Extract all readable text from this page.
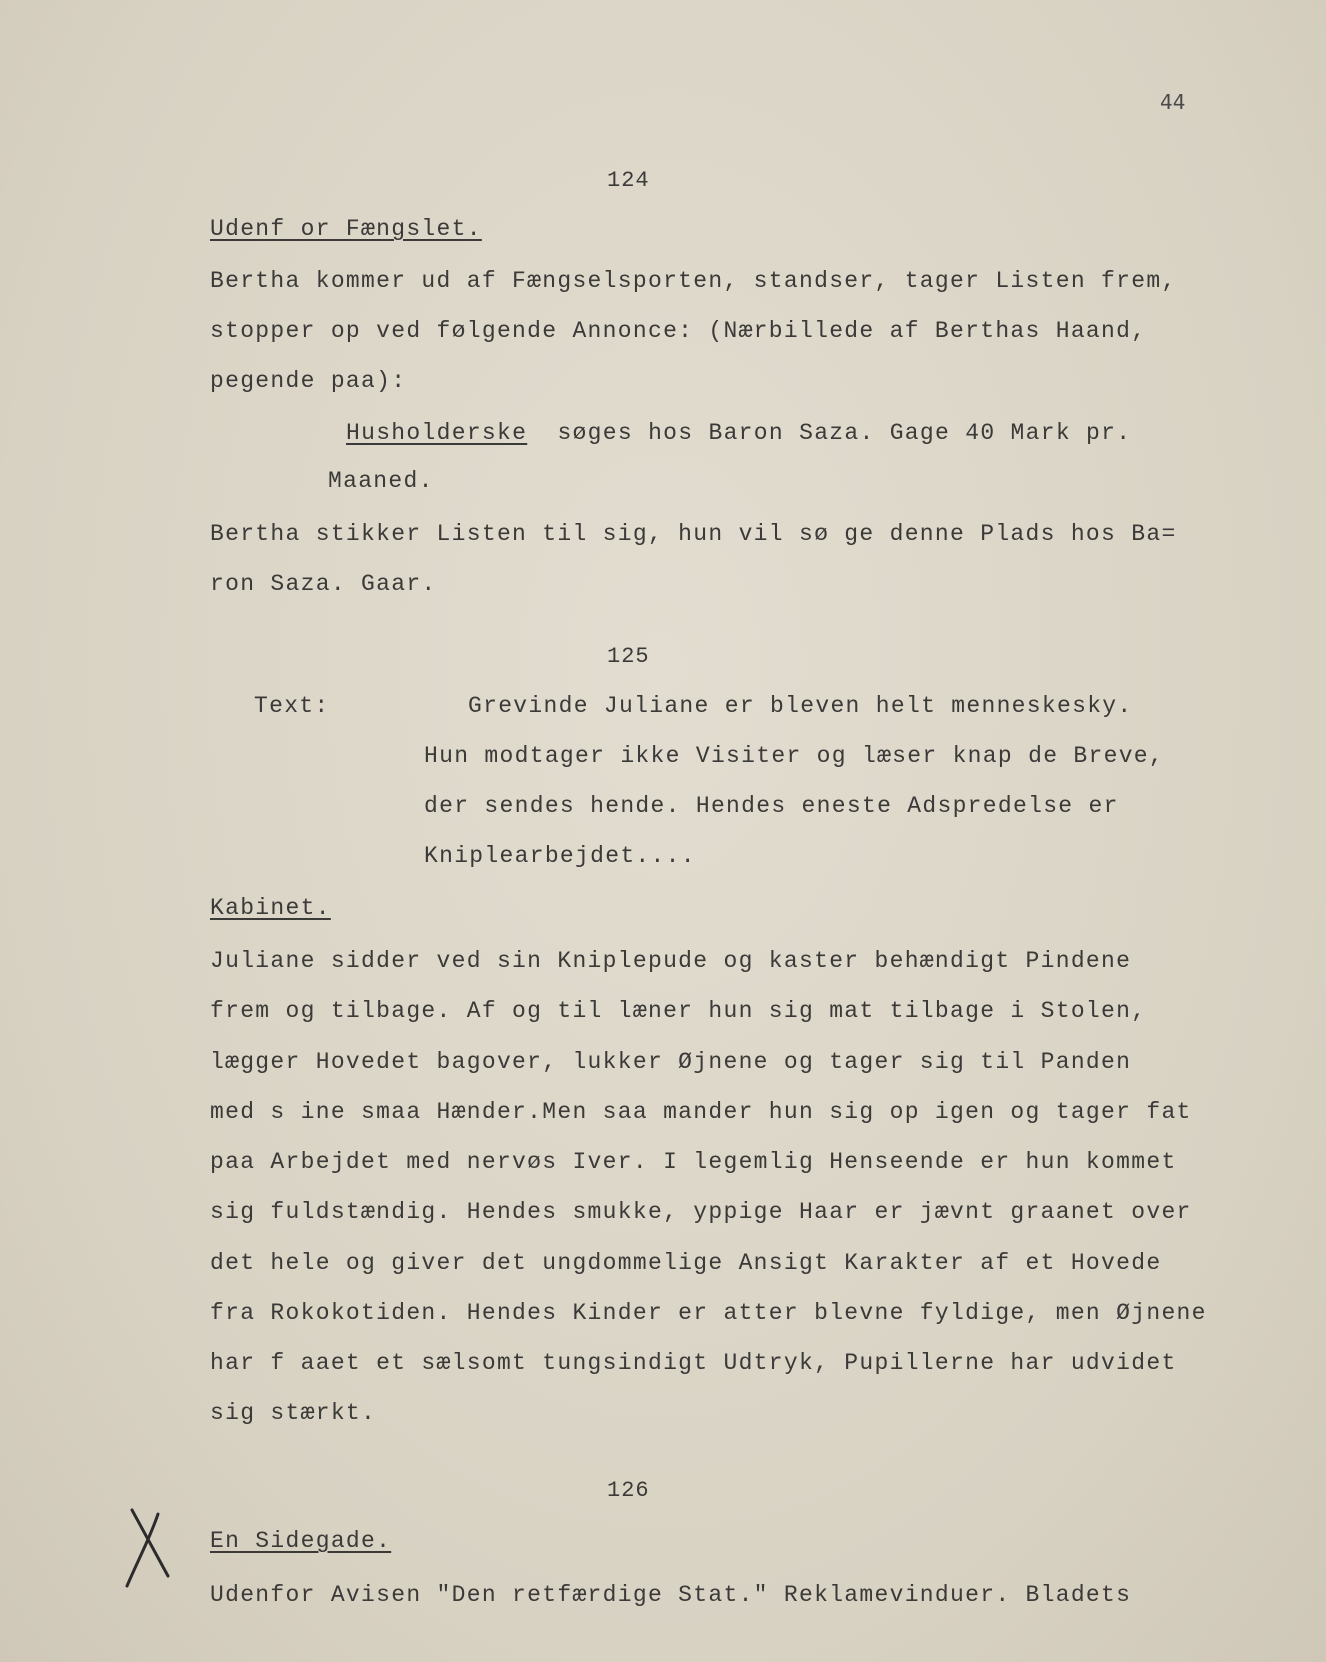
44
124
Udenf or Fængslet.
Bertha kommer ud af Fængselsporten, standser, tager Listen frem,
stopper op ved følgende Annonce: (Nærbillede af Berthas Haand,
pegende paa):
Husholderske søges hos Baron Saza. Gage 40 Mark pr.
Maaned.
Bertha stikker Listen til sig, hun vil sø ge denne Plads hos Ba=
ron Saza. Gaar.
125
Text:	Grevinde Juliane er bleven helt menneskesky.
Hun modtager ikke Visiter og læser knap de Breve,
der sendes hende. Hendes eneste Adspredelse er
Kniplearbejdet....
Kabinet.
Juliane sidder ved sin Kniplepude og kaster behændigt Pindene
frem og tilbage. Af og til læner hun sig mat tilbage i Stolen,
lægger Hovedet bagover, lukker Øjnene og tager sig til Panden
med s ine smaa Hænder.Men saa mander hun sig op igen og tager fat
paa Arbejdet med nervøs Iver. I legemlig Henseende er hun kommet
sig fuldstændig. Hendes smukke, yppige Haar er jævnt graanet over
det hele og giver det ungdommelige Ansigt Karakter af et Hovede
fra Rokokotiden. Hendes Kinder er atter blevne fyldige, men Øjnene
har f aaet et sælsomt tungsindigt Udtryk, Pupillerne har udvidet
sig stærkt.
126
En Sidegade.
Udenfor Avisen "Den retfærdige Stat." Reklamevinduer. Bladets
